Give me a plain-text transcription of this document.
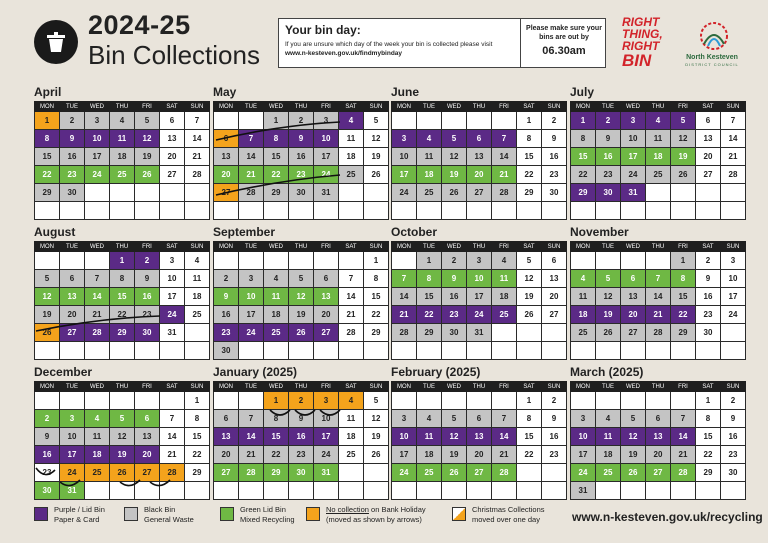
2024-25
Bin Collections
Your bin day:
If you are unsure which day of the week your bin is collected please visit
www.n-kesteven.gov.uk/findmybinday
Please make sure your bins are out by
06.30am
RIGHT
THING,
RIGHT
BIN	North Kesteven
DISTRICT COUNCIL
April
MON	TUE	WED	THU	FRI	SAT	SUN
1	2	3	4	5	6	7
8	9	10	11	12	13	14
15	16	17	18	19	20	21
22	23	24	25	26	27	28
29	30					

May
MON	TUE	WED	THU	FRI	SAT	SUN
		1	2	3	4	5
6	7	8	9	10	11	12
13	14	15	16	17	18	19
20	21	22	23	24	25	26
27	28	29	30	31		

June
MON	TUE	WED	THU	FRI	SAT	SUN
					1	2
3	4	5	6	7	8	9
10	11	12	13	14	15	16
17	18	19	20	21	22	23
24	25	26	27	28	29	30

July
MON	TUE	WED	THU	FRI	SAT	SUN
1	2	3	4	5	6	7
8	9	10	11	12	13	14
15	16	17	18	19	20	21
22	23	24	25	26	27	28
29	30	31				

August
MON	TUE	WED	THU	FRI	SAT	SUN
			1	2	3	4
5	6	7	8	9	10	11
12	13	14	15	16	17	18
19	20	21	22	23	24	25
26	27	28	29	30	31	

September
MON	TUE	WED	THU	FRI	SAT	SUN
						1
2	3	4	5	6	7	8
9	10	11	12	13	14	15
16	17	18	19	20	21	22
23	24	25	26	27	28	29
30						
October
MON	TUE	WED	THU	FRI	SAT	SUN
	1	2	3	4	5	6
7	8	9	10	11	12	13
14	15	16	17	18	19	20
21	22	23	24	25	26	27
28	29	30	31			

November
MON	TUE	WED	THU	FRI	SAT	SUN
				1	2	3
4	5	6	7	8	9	10
11	12	13	14	15	16	17
18	19	20	21	22	23	24
25	26	27	28	29	30	

December
MON	TUE	WED	THU	FRI	SAT	SUN
						1
2	3	4	5	6	7	8
9	10	11	12	13	14	15
16	17	18	19	20	21	22
23	24	25	26	27	28	29
30	31					
January (2025)
MON	TUE	WED	THU	FRI	SAT	SUN
		1	2	3	4	5
6	7	8	9	10	11	12
13	14	15	16	17	18	19
20	21	22	23	24	25	26
27	28	29	30	31		

February (2025)
MON	TUE	WED	THU	FRI	SAT	SUN
					1	2
3	4	5	6	7	8	9
10	11	12	13	14	15	16
17	18	19	20	21	22	23
24	25	26	27	28		

March (2025)
MON	TUE	WED	THU	FRI	SAT	SUN
					1	2
3	4	5	6	7	8	9
10	11	12	13	14	15	16
17	18	19	20	21	22	23
24	25	26	27	28	29	30
31						
Purple / Lid Bin
Paper & Card
Black Bin
General Waste
Green Lid Bin
Mixed Recycling
No collection on Bank Holiday
(moved as shown by arrows)
Christmas Collections
moved over one day	www.n-kesteven.gov.uk/recycling
